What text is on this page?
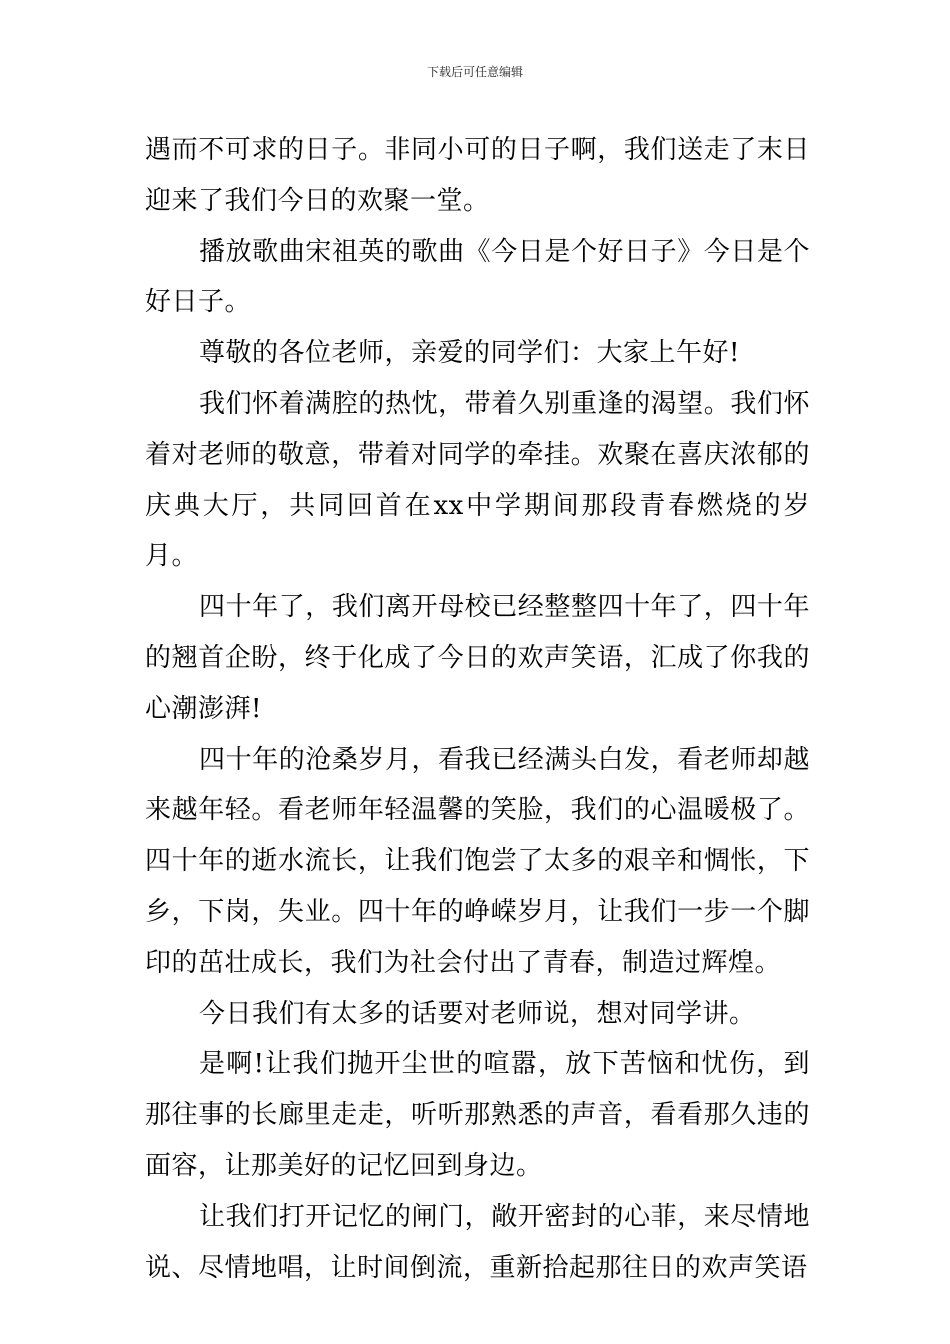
下载后可任意编辑

遇而不可求的日子。非同小可的日子啊，我们送走了末日迎来了我们今日的欢聚一堂。

播放歌曲宋祖英的歌曲《今日是个好日子》今日是个好日子。

尊敬的各位老师，亲爱的同学们：大家上午好!

我们怀着满腔的热忱，带着久别重逢的渴望。我们怀着对老师的敬意，带着对同学的牵挂。欢聚在喜庆浓郁的庆典大厅，共同回首在xx中学期间那段青春燃烧的岁月。

四十年了，我们离开母校已经整整四十年了，四十年的翘首企盼，终于化成了今日的欢声笑语，汇成了你我的心潮澎湃!

四十年的沧桑岁月，看我已经满头白发，看老师却越来越年轻。看老师年轻温馨的笑脸，我们的心温暖极了。四十年的逝水流长，让我们饱尝了太多的艰辛和惆怅，下乡，下岗，失业。四十年的峥嵘岁月，让我们一步一个脚印的茁壮成长，我们为社会付出了青春，制造过辉煌。

今日我们有太多的话要对老师说，想对同学讲。

是啊!让我们抛开尘世的喧嚣，放下苦恼和忧伤，到那往事的长廊里走走，听听那熟悉的声音，看看那久违的面容，让那美好的记忆回到身边。

让我们打开记忆的闸门，敞开密封的心菲，来尽情地说、尽情地唱，让时间倒流，重新拾起那往日的欢声笑语
